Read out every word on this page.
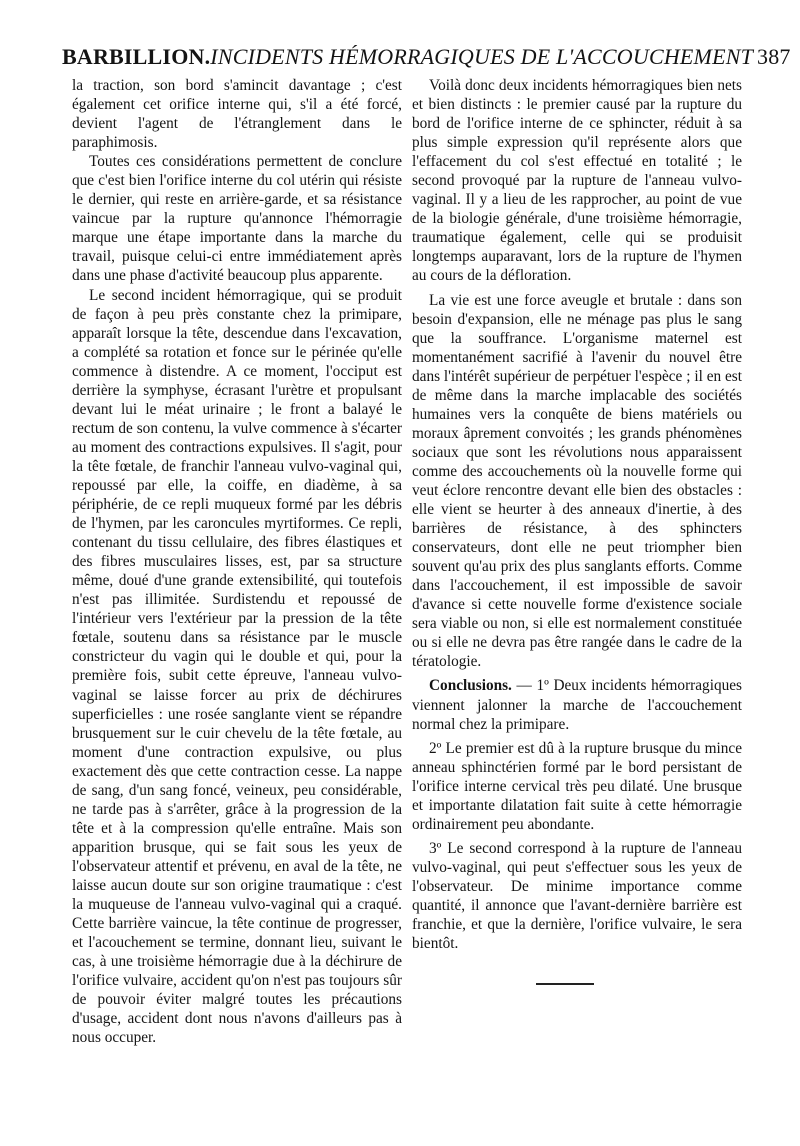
BARBILLION.INCIDENTS HÉMORRAGIQUES DE L'ACCOUCHEMENT 387

la traction, son bord s'amincit davantage ; c'est également cet orifice interne qui, s'il a été forcé, devient l'agent de l'étranglement dans le paraphimosis.

Toutes ces considérations permettent de conclure que c'est bien l'orifice interne du col utérin qui résiste le dernier, qui reste en arrière-garde, et sa résistance vaincue par la rupture qu'annonce l'hémorragie marque une étape importante dans la marche du travail, puisque celui-ci entre immédiatement après dans une phase d'activité beaucoup plus apparente.

Le second incident hémorragique, qui se produit de façon à peu près constante chez la primipare, apparaît lorsque la tête, descendue dans l'excavation, a complété sa rotation et fonce sur le périnée qu'elle commence à distendre. A ce moment, l'occiput est derrière la symphyse, écrasant l'urètre et propulsant devant lui le méat urinaire ; le front a balayé le rectum de son contenu, la vulve commence à s'écarter au moment des contractions expulsives. Il s'agit, pour la tête fœtale, de franchir l'anneau vulvo-vaginal qui, repoussé par elle, la coiffe, en diadème, à sa périphérie, de ce repli muqueux formé par les débris de l'hymen, par les caroncules myrtiformes. Ce repli, contenant du tissu cellulaire, des fibres élastiques et des fibres musculaires lisses, est, par sa structure même, doué d'une grande extensibilité, qui toutefois n'est pas illimitée. Surdistendu et repoussé de l'intérieur vers l'extérieur par la pression de la tête fœtale, soutenu dans sa résistance par le muscle constricteur du vagin qui le double et qui, pour la première fois, subit cette épreuve, l'anneau vulvo-vaginal se laisse forcer au prix de déchirures superficielles : une rosée sanglante vient se répandre brusquement sur le cuir chevelu de la tête fœtale, au moment d'une contraction expulsive, ou plus exactement dès que cette contraction cesse. La nappe de sang, d'un sang foncé, veineux, peu considérable, ne tarde pas à s'arrêter, grâce à la progression de la tête et à la compression qu'elle entraîne. Mais son apparition brusque, qui se fait sous les yeux de l'observateur attentif et prévenu, en aval de la tête, ne laisse aucun doute sur son origine traumatique : c'est la muqueuse de l'anneau vulvo-vaginal qui a craqué. Cette barrière vaincue, la tête continue de progresser, et l'acouchement se termine, donnant lieu, suivant le cas, à une troisième hémorragie due à la déchirure de l'orifice vulvaire, accident qu'on n'est pas toujours sûr de pouvoir éviter malgré toutes les précautions d'usage, accident dont nous n'avons d'ailleurs pas à nous occuper.

Voilà donc deux incidents hémorragiques bien nets et bien distincts : le premier causé par la rupture du bord de l'orifice interne de ce sphincter, réduit à sa plus simple expression qu'il représente alors que l'effacement du col s'est effectué en totalité ; le second provoqué par la rupture de l'anneau vulvo-vaginal. Il y a lieu de les rapprocher, au point de vue de la biologie générale, d'une troisième hémorragie, traumatique également, celle qui se produisit longtemps auparavant, lors de la rupture de l'hymen au cours de la défloration.

La vie est une force aveugle et brutale : dans son besoin d'expansion, elle ne ménage pas plus le sang que la souffrance. L'organisme maternel est momentanément sacrifié à l'avenir du nouvel être dans l'intérêt supérieur de perpétuer l'espèce ; il en est de même dans la marche implacable des sociétés humaines vers la conquête de biens matériels ou moraux âprement convoités ; les grands phénomènes sociaux que sont les révolutions nous apparaissent comme des accouchements où la nouvelle forme qui veut éclore rencontre devant elle bien des obstacles : elle vient se heurter à des anneaux d'inertie, à des barrières de résistance, à des sphincters conservateurs, dont elle ne peut triompher bien souvent qu'au prix des plus sanglants efforts. Comme dans l'accouchement, il est impossible de savoir d'avance si cette nouvelle forme d'existence sociale sera viable ou non, si elle est normalement constituée ou si elle ne devra pas être rangée dans le cadre de la tératologie.

Conclusions. — 1º Deux incidents hémorragiques viennent jalonner la marche de l'accouchement normal chez la primipare.

2º Le premier est dû à la rupture brusque du mince anneau sphinctérien formé par le bord persistant de l'orifice interne cervical très peu dilaté. Une brusque et importante dilatation fait suite à cette hémorragie ordinairement peu abondante.

3º Le second correspond à la rupture de l'anneau vulvo-vaginal, qui peut s'effectuer sous les yeux de l'observateur. De minime importance comme quantité, il annonce que l'avant-dernière barrière est franchie, et que la dernière, l'orifice vulvaire, le sera bientôt.
